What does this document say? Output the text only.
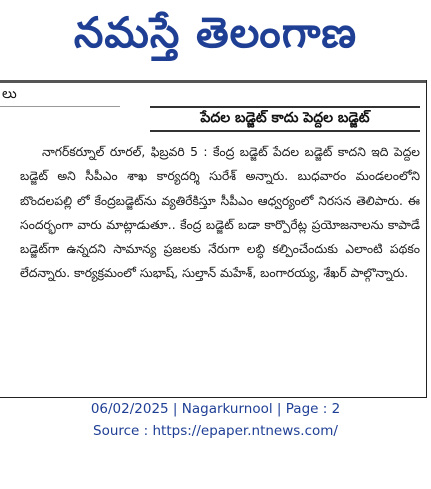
నమస్తే తెలంగాణ
లు
పేదల బడ్జెట్ కాదు పెద్దల బడ్జెట్

నాగర్‌కర్నూల్ రూరల్, ఫిబ్రవరి 5 : కేంద్ర బడ్జెట్ పేదల బడ్జెట్ కాదని ఇది పెద్దల బడ్జెట్ అని సీపీఎం శాఖ కార్యదర్శి సురేశ్ అన్నారు. బుధవారం మండలంలోని బొందలపల్లి లో కేంద్రబడ్జెట్‌ను వ్యతిరేకిస్తూ సీపీఎం ఆధ్వర్యంలో నిరసన తెలిపారు. ఈ సందర్భంగా వారు మాట్లాడుతూ.. కేంద్ర బడ్జెట్ బడా కార్పొరేట్ల ప్రయోజనాలను కాపాడే బడ్జెట్‌గా ఉన్నదని సామాన్య ప్రజలకు నేరుగా లబ్ధి కల్పించేందుకు ఎలాంటి పథకం లేదన్నారు. కార్యక్రమంలో సుభాష్, సుల్తాన్ మహేశ్, బంగారయ్య, శేఖర్ పాల్గొన్నారు.

06/02/2025 | Nagarkurnool | Page : 2
Source : https://epaper.ntnews.com/
